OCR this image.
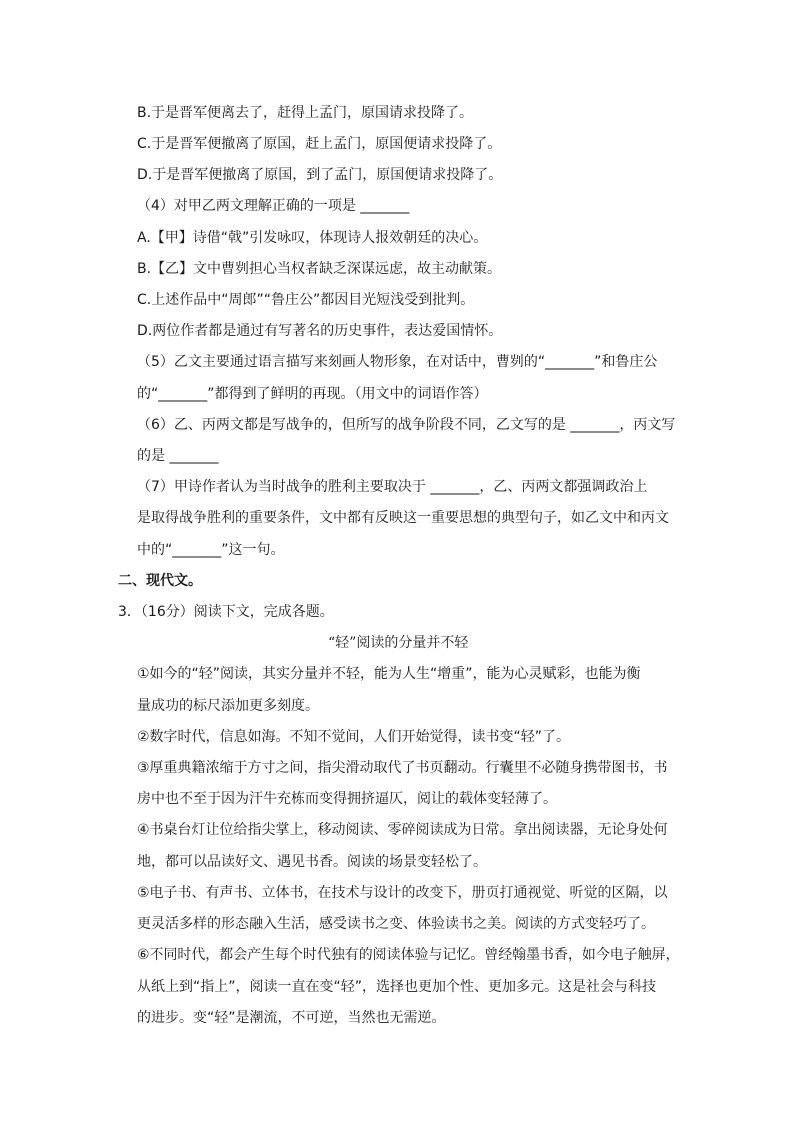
B.于是晋军便离去了，赶得上孟门，原国请求投降了。
C.于是晋军便撤离了原国，赶上孟门，原国便请求投降了。
D.于是晋军便撤离了原国，到了孟门，原国便请求投降了。
（4）对甲乙两文理解正确的一项是 _______
A.【甲】诗借“戟”引发咏叹，体现诗人报效朝廷的决心。
B.【乙】文中曹刿担心当权者缺乏深谋远虑，故主动献策。
C.上述作品中“周郎”“鲁庄公”都因目光短浅受到批判。
D.两位作者都是通过有写著名的历史事件，表达爱国情怀。
（5）乙文主要通过语言描写来刻画人物形象，在对话中，曹刿的“_______”和鲁庄公
的“_______”都得到了鲜明的再现。（用文中的词语作答）
（6）乙、丙两文都是写战争的，但所写的战争阶段不同，乙文写的是 _______，丙文写
的是 _______
（7）甲诗作者认为当时战争的胜利主要取决于 _______，乙、丙两文都强调政治上
是取得战争胜利的重要条件，文中都有反映这一重要思想的典型句子，如乙文中和丙文
中的“_______”这一句。
二、现代文。
3．（16分）阅读下文，完成各题。
“轻”阅读的分量并不轻
①如今的“轻”阅读，其实分量并不轻，能为人生“增重”，能为心灵赋彩，也能为衡
量成功的标尺添加更多刻度。
②数字时代，信息如海。不知不觉间，人们开始觉得，读书变“轻”了。
③厚重典籍浓缩于方寸之间，指尖滑动取代了书页翻动。行囊里不必随身携带图书，书
房中也不至于因为汗牛充栋而变得拥挤逼仄，阅让的载体变轻薄了。
④书桌台灯让位给指尖掌上，移动阅读、零碎阅读成为日常。拿出阅读器，无论身处何
地，都可以品读好文、遇见书香。阅读的场景变轻松了。
⑤电子书、有声书、立体书，在技术与设计的改变下，册页打通视觉、听觉的区隔，以
更灵活多样的形态融入生活，感受读书之变、体验读书之美。阅读的方式变轻巧了。
⑥不同时代，都会产生每个时代独有的阅读体验与记忆。曾经翰墨书香，如今电子触屏，
从纸上到“指上”，阅读一直在变“轻”，选择也更加个性、更加多元。这是社会与科技
的进步。变“轻”是潮流，不可逆，当然也无需逆。
